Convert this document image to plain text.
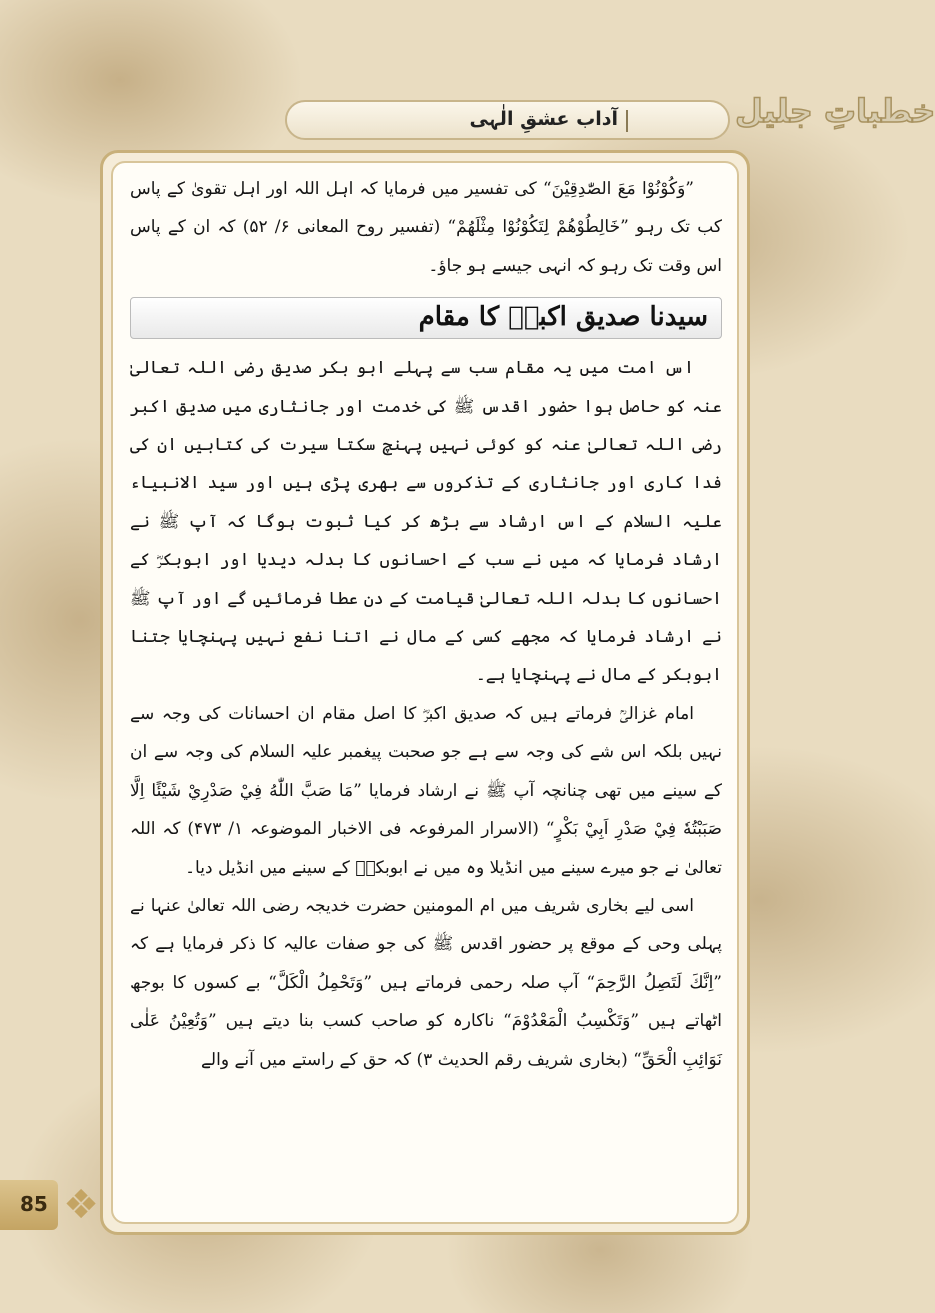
خطباتِ جلیل
آداب عشقِ الٰہی

”وَكُوْنُوْا مَعَ الصّٰدِقِيْنَ“ کی تفسیر میں فرمایا کہ اہل اللہ اور اہل تقویٰ کے پاس کب تک رہو ”خَالِطُوْهُمْ لِتَكُوْنُوْا مِثْلَهُمْ“ (تفسیر روح المعانی ۶/ ۵۲) کہ ان کے پاس اس وقت تک رہو کہ انہی جیسے ہو جاؤ۔

سیدنا صدیق اکبرؓ کا مقام

اس امت میں یہ مقام سب سے پہلے ابو بکر صدیق رضی اللہ تعالیٰ عنہ کو حاصل ہوا حضور اقدس ﷺ کی خدمت اور جانثاری میں صدیق اکبر رضی اللہ تعالیٰ عنہ کو کوئی نہیں پہنچ سکتا سیرت کی کتابیں ان کی فدا کاری اور جانثاری کے تذکروں سے بھری پڑی ہیں اور سید الانبیاء علیہ السلام کے اس ارشاد سے بڑھ کر کیا ثبوت ہوگا کہ آپ ﷺ نے ارشاد فرمایا کہ میں نے سب کے احسانوں کا بدلہ دیدیا اور ابوبکرؓ کے احسانوں کا بدلہ اللہ تعالیٰ قیامت کے دن عطا فرمائیں گے اور آپ ﷺ نے ارشاد فرمایا کہ مجھے کسی کے مال نے اتنا نفع نہیں پہنچایا جتنا ابوبکر کے مال نے پہنچایا ہے۔

امام غزالیؒ فرماتے ہیں کہ صدیق اکبرؓ کا اصل مقام ان احسانات کی وجہ سے نہیں بلکہ اس شے کی وجہ سے ہے جو صحبت پیغمبر علیہ السلام کی وجہ سے ان کے سینے میں تھی چنانچہ آپ ﷺ نے ارشاد فرمایا ”مَا صَبَّ اللّٰهُ فِيْ صَدْرِيْ شَيْئًا اِلَّا صَبَبْتُهٗ فِيْ صَدْرِ اَبِيْ بَكْرٍ“ (الاسرار المرفوعہ فی الاخبار الموضوعہ ۱/ ۴۷۳) کہ اللہ تعالیٰ نے جو میرے سینے میں انڈیلا وہ میں نے ابوبکرؓ کے سینے میں انڈیل دیا۔

اسی لیے بخاری شریف میں ام المومنین حضرت خدیجہ رضی اللہ تعالیٰ عنہا نے پہلی وحی کے موقع پر حضور اقدس ﷺ کی جو صفات عالیہ کا ذکر فرمایا ہے کہ ”اِنَّكَ لَتَصِلُ الرَّحِمَ“ آپ صلہ رحمی فرماتے ہیں ”وَتَحْمِلُ الْكَلَّ“ بے کسوں کا بوجھ اٹھاتے ہیں ”وَتَكْسِبُ الْمَعْدُوْمَ“ ناکارہ کو صاحب کسب بنا دیتے ہیں ”وَتُعِيْنُ عَلٰى نَوَائِبِ الْحَقِّ“ (بخاری شریف رقم الحدیث ۳) کہ حق کے راستے میں آنے والے

85 ❖
